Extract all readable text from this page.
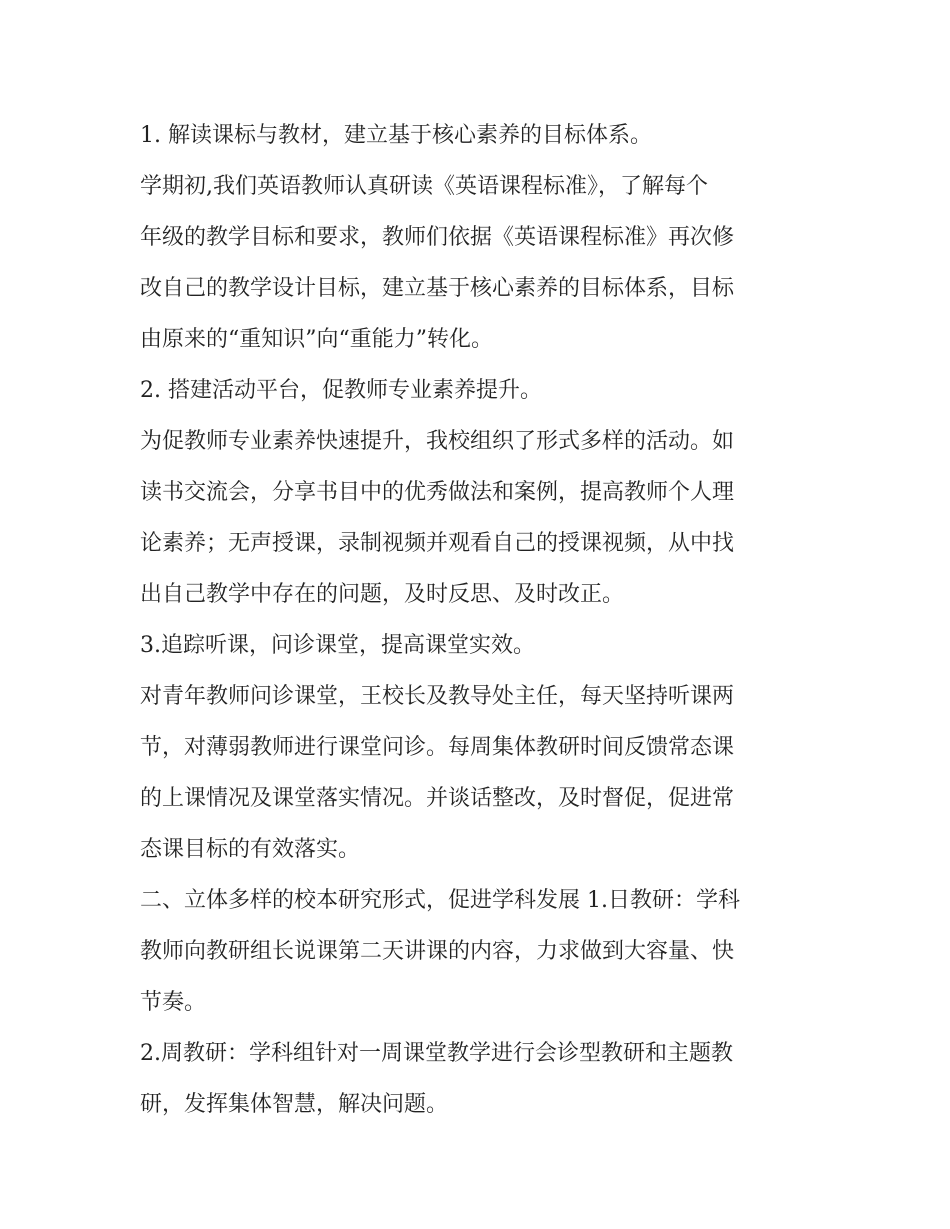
1. 解读课标与教材，建立基于核心素养的目标体系。

学期初,我们英语教师认真研读《英语课程标准》，了解每个

年级的教学目标和要求，教师们依据《英语课程标准》再次修

改自己的教学设计目标，建立基于核心素养的目标体系，目标

由原来的“重知识”向“重能力”转化。

2. 搭建活动平台，促教师专业素养提升。

为促教师专业素养快速提升，我校组织了形式多样的活动。如

读书交流会，分享书目中的优秀做法和案例，提高教师个人理

论素养；无声授课，录制视频并观看自己的授课视频，从中找

出自己教学中存在的问题，及时反思、及时改正。

3.追踪听课，问诊课堂，提高课堂实效。

对青年教师问诊课堂，王校长及教导处主任，每天坚持听课两

节，对薄弱教师进行课堂问诊。每周集体教研时间反馈常态课

的上课情况及课堂落实情况。并谈话整改，及时督促，促进常

态课目标的有效落实。

二、立体多样的校本研究形式，促进学科发展 1.日教研：学科

教师向教研组长说课第二天讲课的内容，力求做到大容量、快

节奏。

2.周教研：学科组针对一周课堂教学进行会诊型教研和主题教

研，发挥集体智慧，解决问题。
